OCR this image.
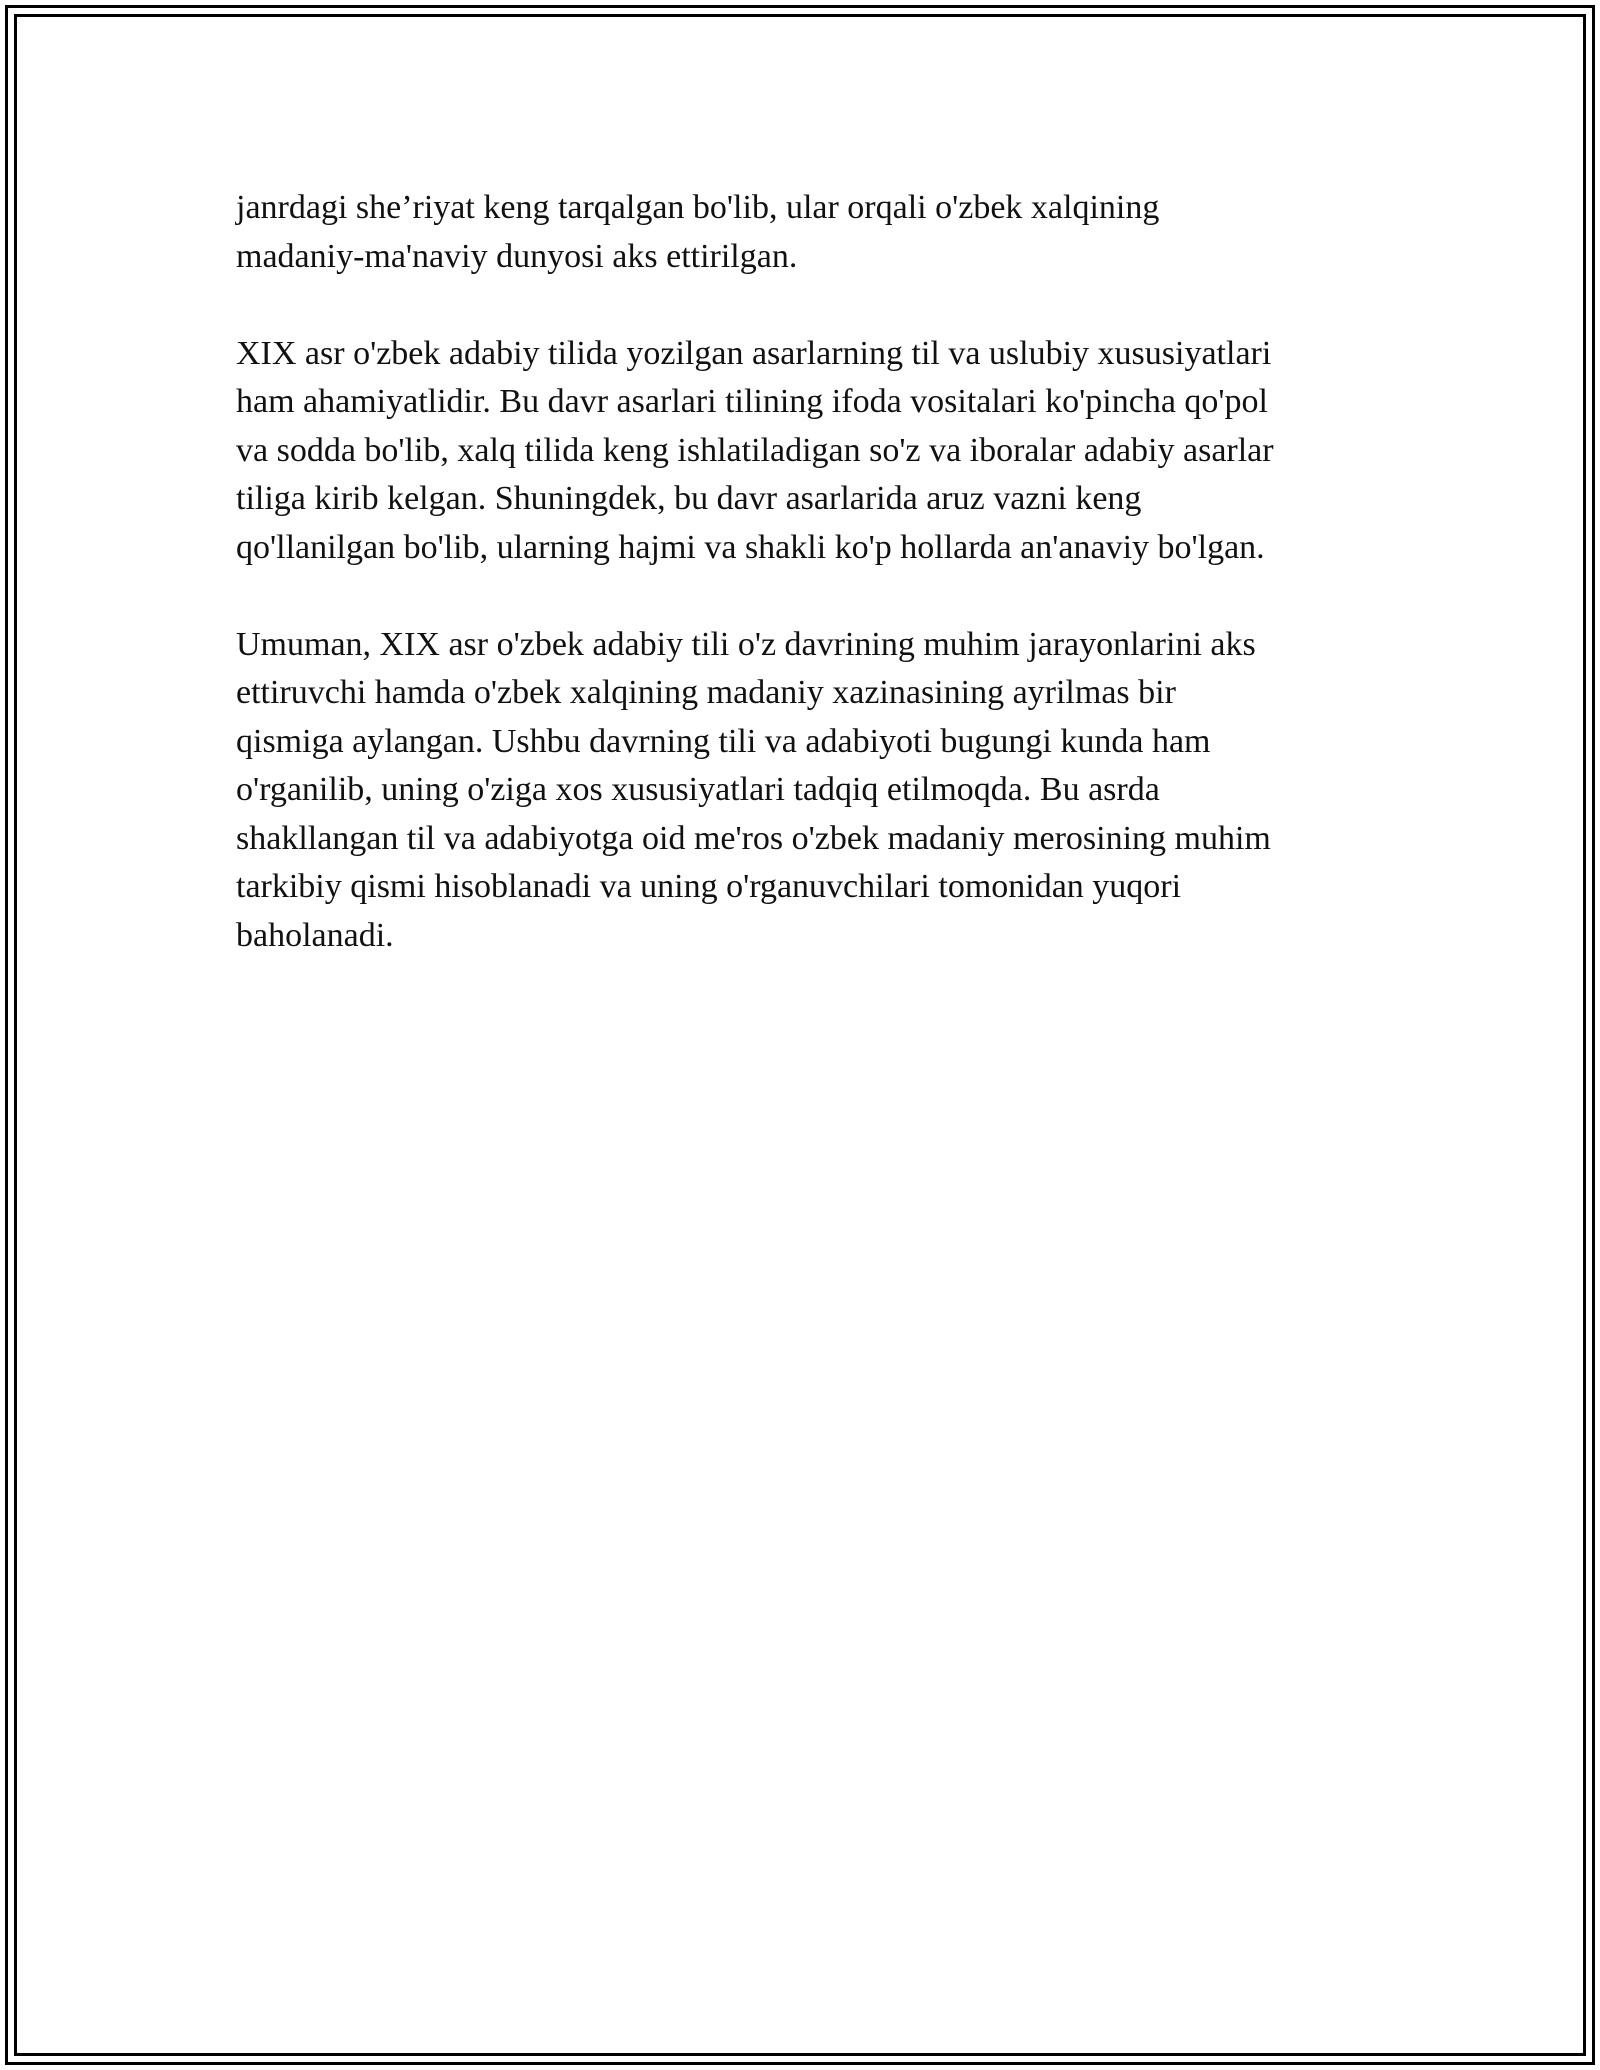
janrdagi she’riyat keng tarqalgan bo'lib, ular orqali o'zbek xalqining
madaniy-ma'naviy dunyosi aks ettirilgan.

XIX asr o'zbek adabiy tilida yozilgan asarlarning til va uslubiy xususiyatlari
ham ahamiyatlidir. Bu davr asarlari tilining ifoda vositalari ko'pincha qo'pol
va sodda bo'lib, xalq tilida keng ishlatiladigan so'z va iboralar adabiy asarlar
tiliga kirib kelgan. Shuningdek, bu davr asarlarida aruz vazni keng
qo'llanilgan bo'lib, ularning hajmi va shakli ko'p hollarda an'anaviy bo'lgan.

Umuman, XIX asr o'zbek adabiy tili o'z davrining muhim jarayonlarini aks
ettiruvchi hamda o'zbek xalqining madaniy xazinasining ayrilmas bir
qismiga aylangan. Ushbu davrning tili va adabiyoti bugungi kunda ham
o'rganilib, uning o'ziga xos xususiyatlari tadqiq etilmoqda. Bu asrda
shakllangan til va adabiyotga oid me'ros o'zbek madaniy merosining muhim
tarkibiy qismi hisoblanadi va uning o'rganuvchilari tomonidan yuqori
baholanadi.
